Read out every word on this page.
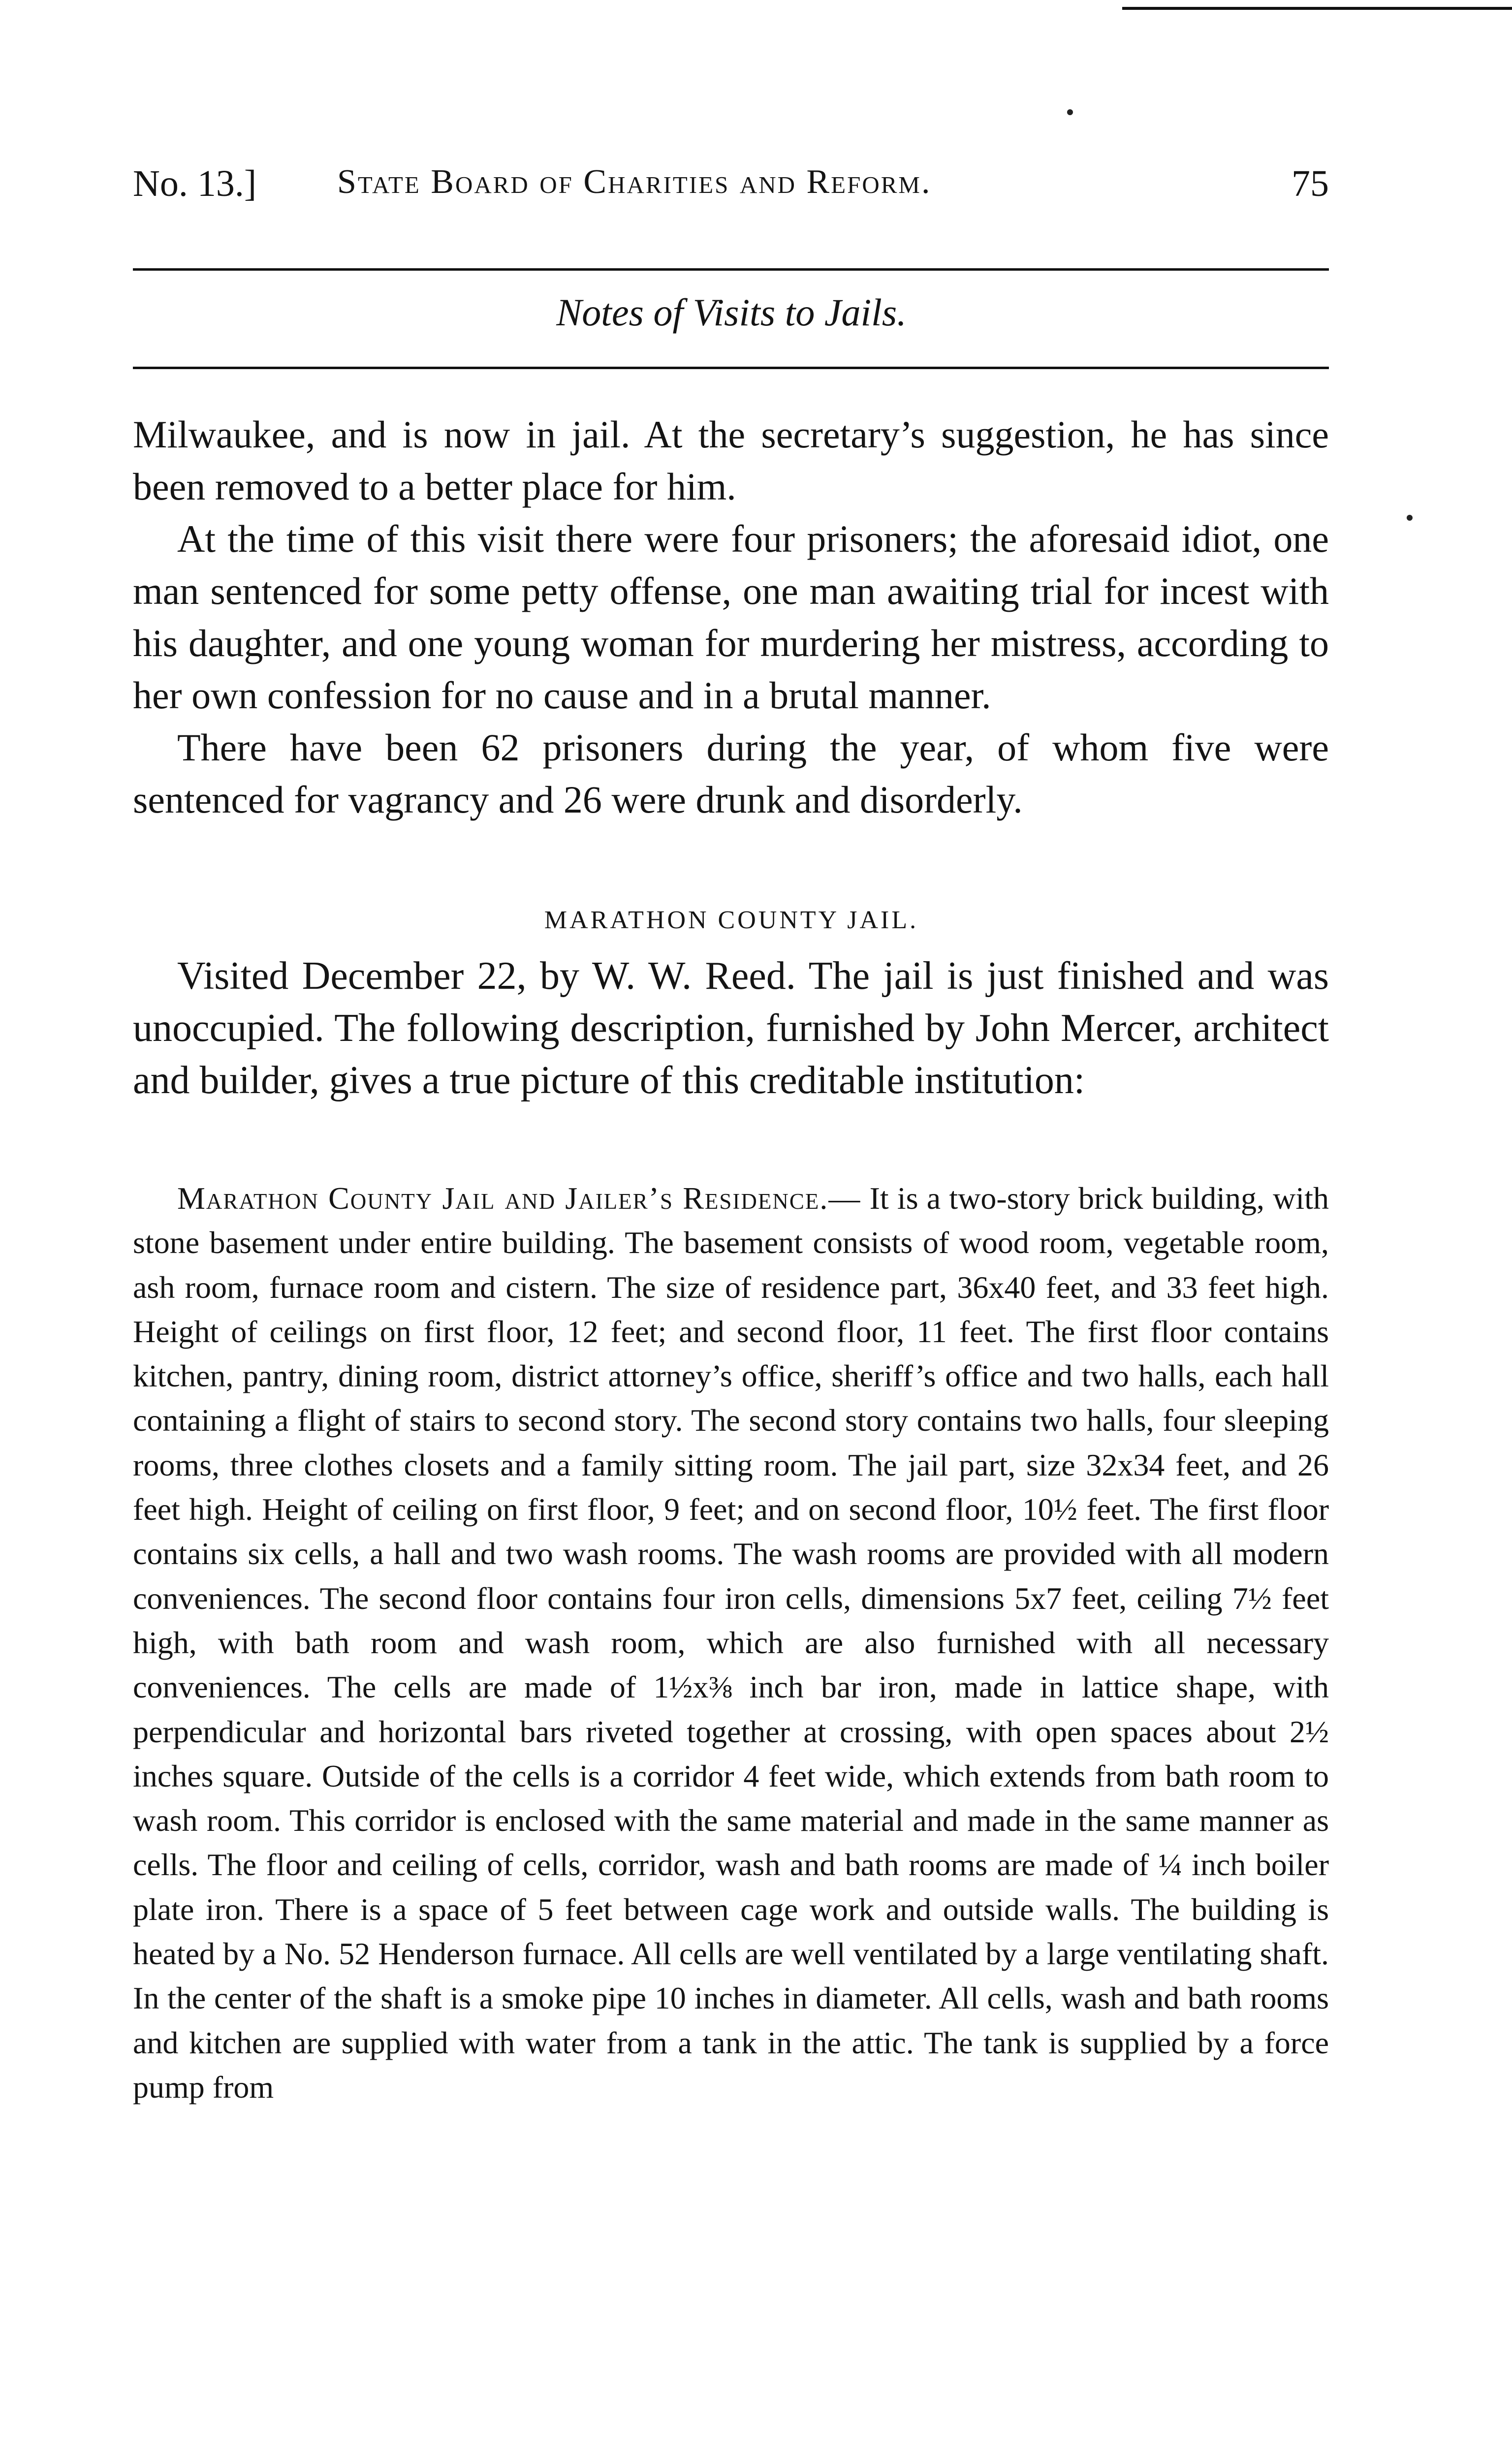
No. 13.] State Board of Charities and Reform.	75
Notes of Visits to Jails.

Milwaukee, and is now in jail. At the secretary’s suggestion, he has since been removed to a better place for him.

At the time of this visit there were four prisoners; the aforesaid idiot, one man sentenced for some petty offense, one man awaiting trial for incest with his daughter, and one young woman for murdering her mistress, according to her own confession for no cause and in a brutal manner.

There have been 62 prisoners during the year, of whom five were sentenced for vagrancy and 26 were drunk and disorderly.

MARATHON COUNTY JAIL.

Visited December 22, by W. W. Reed. The jail is just finished and was unoccupied. The following description, furnished by John Mercer, architect and builder, gives a true picture of this creditable institution:

Marathon County Jail and Jailer’s Residence.— It is a two-story brick building, with stone basement under entire building. The basement consists of wood room, vegetable room, ash room, furnace room and cistern. The size of residence part, 36x40 feet, and 33 feet high. Height of ceilings on first floor, 12 feet; and second floor, 11 feet. The first floor contains kitchen, pantry, dining room, district attorney’s office, sheriff’s office and two halls, each hall containing a flight of stairs to second story. The second story contains two halls, four sleeping rooms, three clothes closets and a family sitting room. The jail part, size 32x34 feet, and 26 feet high. Height of ceiling on first floor, 9 feet; and on second floor, 10½ feet. The first floor contains six cells, a hall and two wash rooms. The wash rooms are provided with all modern conveniences. The second floor contains four iron cells, dimensions 5x7 feet, ceiling 7½ feet high, with bath room and wash room, which are also furnished with all necessary conveniences. The cells are made of 1½x⅜ inch bar iron, made in lattice shape, with perpendicular and horizontal bars riveted together at crossing, with open spaces about 2½ inches square. Outside of the cells is a corridor 4 feet wide, which extends from bath room to wash room. This corridor is enclosed with the same material and made in the same manner as cells. The floor and ceiling of cells, corridor, wash and bath rooms are made of ¼ inch boiler plate iron. There is a space of 5 feet between cage work and outside walls. The building is heated by a No. 52 Henderson furnace. All cells are well ventilated by a large ventilating shaft. In the center of the shaft is a smoke pipe 10 inches in diameter. All cells, wash and bath rooms and kitchen are supplied with water from a tank in the attic. The tank is supplied by a force pump from
